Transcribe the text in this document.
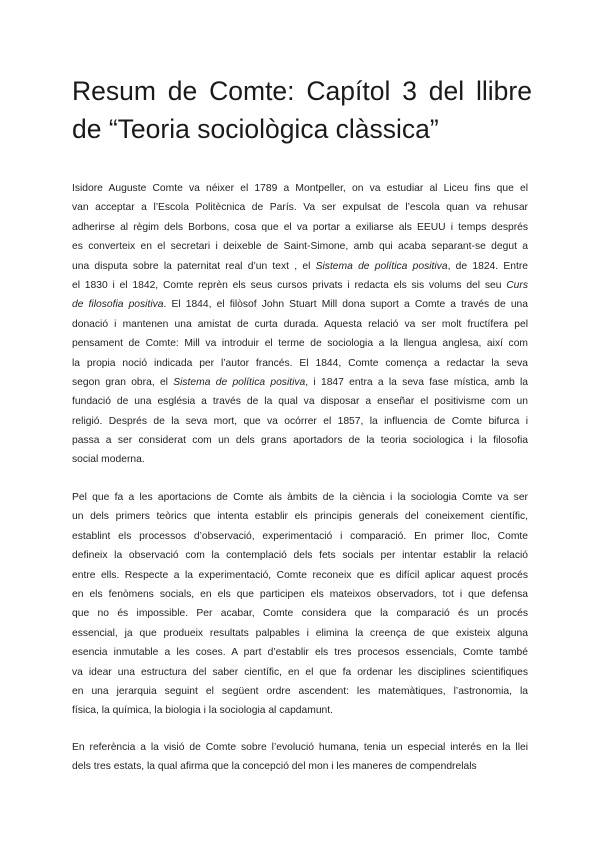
Resum de Comte: Capítol 3 del llibre de “Teoria sociològica clàssica”

Isidore Auguste Comte va néixer el 1789 a Montpeller, on va estudiar al Liceu fins que el
van acceptar a l’Escola Politècnica de París. Va ser expulsat de l’escola quan va rehusar
adherirse al règim dels Borbons, cosa que el va portar a exiliarse als EEUU i temps després
es converteix en el secretari i deixeble de Saint-Simone, amb qui acaba separant-se degut a
una disputa sobre la paternitat real d’un text , el Sistema de política positiva, de 1824. Entre
el 1830 i el 1842, Comte reprèn els seus cursos privats i redacta els sis volums del seu Curs
de filosofia positiva. El 1844, el filòsof John Stuart Mill dona suport a Comte a través de una
donació i mantenen una amistat de curta durada. Aquesta relació va ser molt fructífera pel
pensament de Comte: Mill va introduir el terme de sociologia a la llengua anglesa, així com
la propia noció indicada per l’autor francés. El 1844, Comte comença a redactar la seva
segon gran obra, el Sistema de política positiva, i 1847 entra a la seva fase mística, amb la
fundació de una església a través de la qual va disposar a enseñar el positivisme com un
religió. Després de la seva mort, que va ocórrer el 1857, la influencia de Comte bifurca i
passa a ser considerat com un dels grans aportadors de la teoria sociologica i la filosofia
social moderna.

Pel que fa a les aportacions de Comte als àmbits de la ciència i la sociologia Comte va ser
un dels primers teòrics que intenta establir els principis generals del coneixement científic,
establint els processos d’observació, experimentació i comparació. En primer lloc, Comte
defineix la observació com la contemplació dels fets socials per intentar establir la relació
entre ells. Respecte a la experimentació, Comte reconeix que es difícil aplicar aquest procés
en els fenòmens socials, en els que participen els mateixos observadors, tot i que defensa
que no és impossible. Per acabar, Comte considera que la comparació és un procés
essencial, ja que produeix resultats palpables i elimina la creença de que existeix alguna
esencia inmutable a les coses. A part d’establir els tres procesos essencials, Comte també
va idear una estructura del saber científic, en el que fa ordenar les disciplines scientifiques
en una jerarquia seguint el següent ordre ascendent: les matemàtiques, l’astronomia, la
física, la química, la biologia i la sociologia al capdamunt.

En referència a la visió de Comte sobre l’evolució humana, tenia un especial interés en la llei
dels tres estats, la qual afirma que la concepció del mon i les maneres de compendrelals
